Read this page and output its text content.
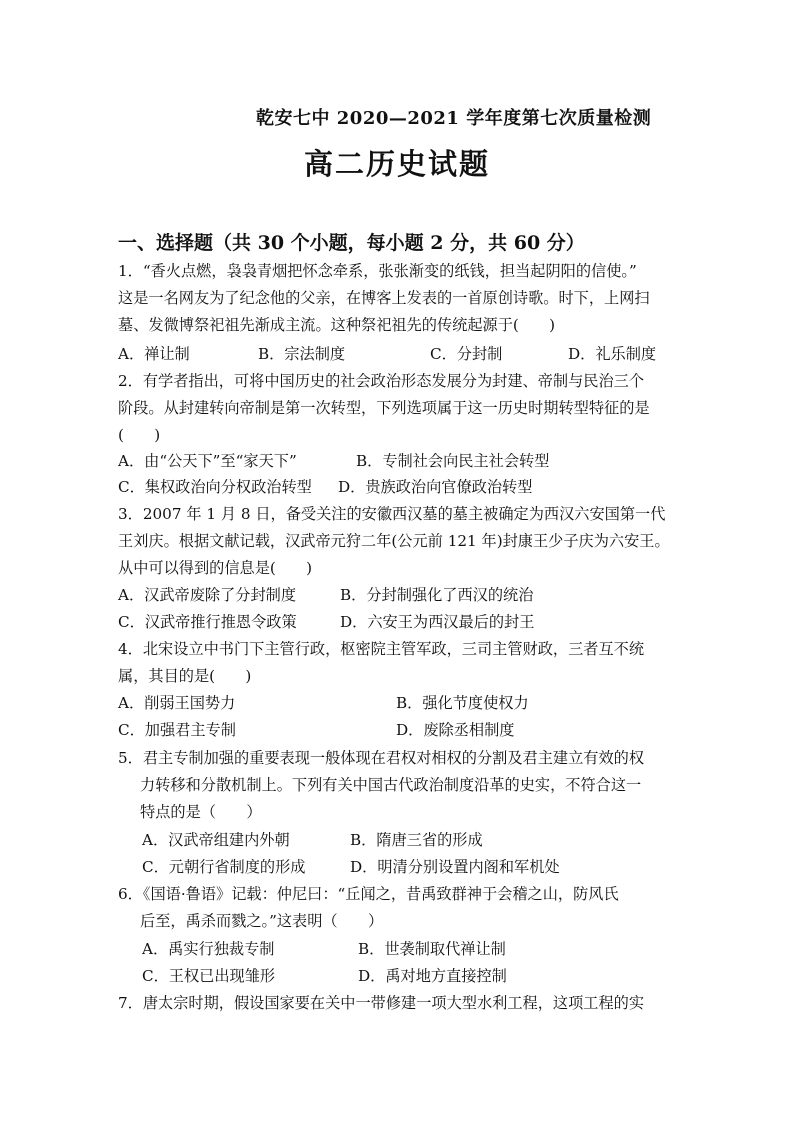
乾安七中 2020—2021 学年度第七次质量检测
高二历史试题
一、选择题（共 30 个小题，每小题 2 分，共 60 分）
1．“香火点燃，袅袅青烟把怀念牵系，张张渐变的纸钱，担当起阴阳的信使。”
这是一名网友为了纪念他的父亲，在博客上发表的一首原创诗歌。时下，上网扫
墓、发微博祭祀祖先渐成主流。这种祭祀祖先的传统起源于(　　)
A．禅让制	B．宗法制度	C．分封制	D．礼乐制度
2．有学者指出，可将中国历史的社会政治形态发展分为封建、帝制与民治三个
阶段。从封建转向帝制是第一次转型，下列选项属于这一历史时期转型特征的是
(　　)
A．由“公天下”至“家天下”	B．专制社会向民主社会转型
C．集权政治向分权政治转型 D．贵族政治向官僚政治转型
3．2007 年 1 月 8 日，备受关注的安徽西汉墓的墓主被确定为西汉六安国第一代
王刘庆。根据文献记载，汉武帝元狩二年(公元前 121 年)封康王少子庆为六安王。
从中可以得到的信息是(　　)
A．汉武帝废除了分封制度	B．分封制强化了西汉的统治
C．汉武帝推行推恩令政策	D．六安王为西汉最后的封王
4．北宋设立中书门下主管行政，枢密院主管军政，三司主管财政，三者互不统
属，其目的是(　　)
A．削弱王国势力	B．强化节度使权力
C．加强君主专制	D．废除丞相制度
5．君主专制加强的重要表现一般体现在君权对相权的分割及君主建立有效的权
力转移和分散机制上。下列有关中国古代政治制度沿革的史实，不符合这一
特点的是（　　）
A．汉武帝组建内外朝	B．隋唐三省的形成
C．元朝行省制度的形成	D．明清分别设置内阁和军机处
6．《国语·鲁语》记载：仲尼曰：“丘闻之，昔禹致群神于会稽之山，防风氏
后至，禹杀而戮之。”这表明（　　）
A．禹实行独裁专制	B．世袭制取代禅让制
C．王权已出现雏形	D．禹对地方直接控制
7．唐太宗时期，假设国家要在关中一带修建一项大型水利工程，这项工程的实
